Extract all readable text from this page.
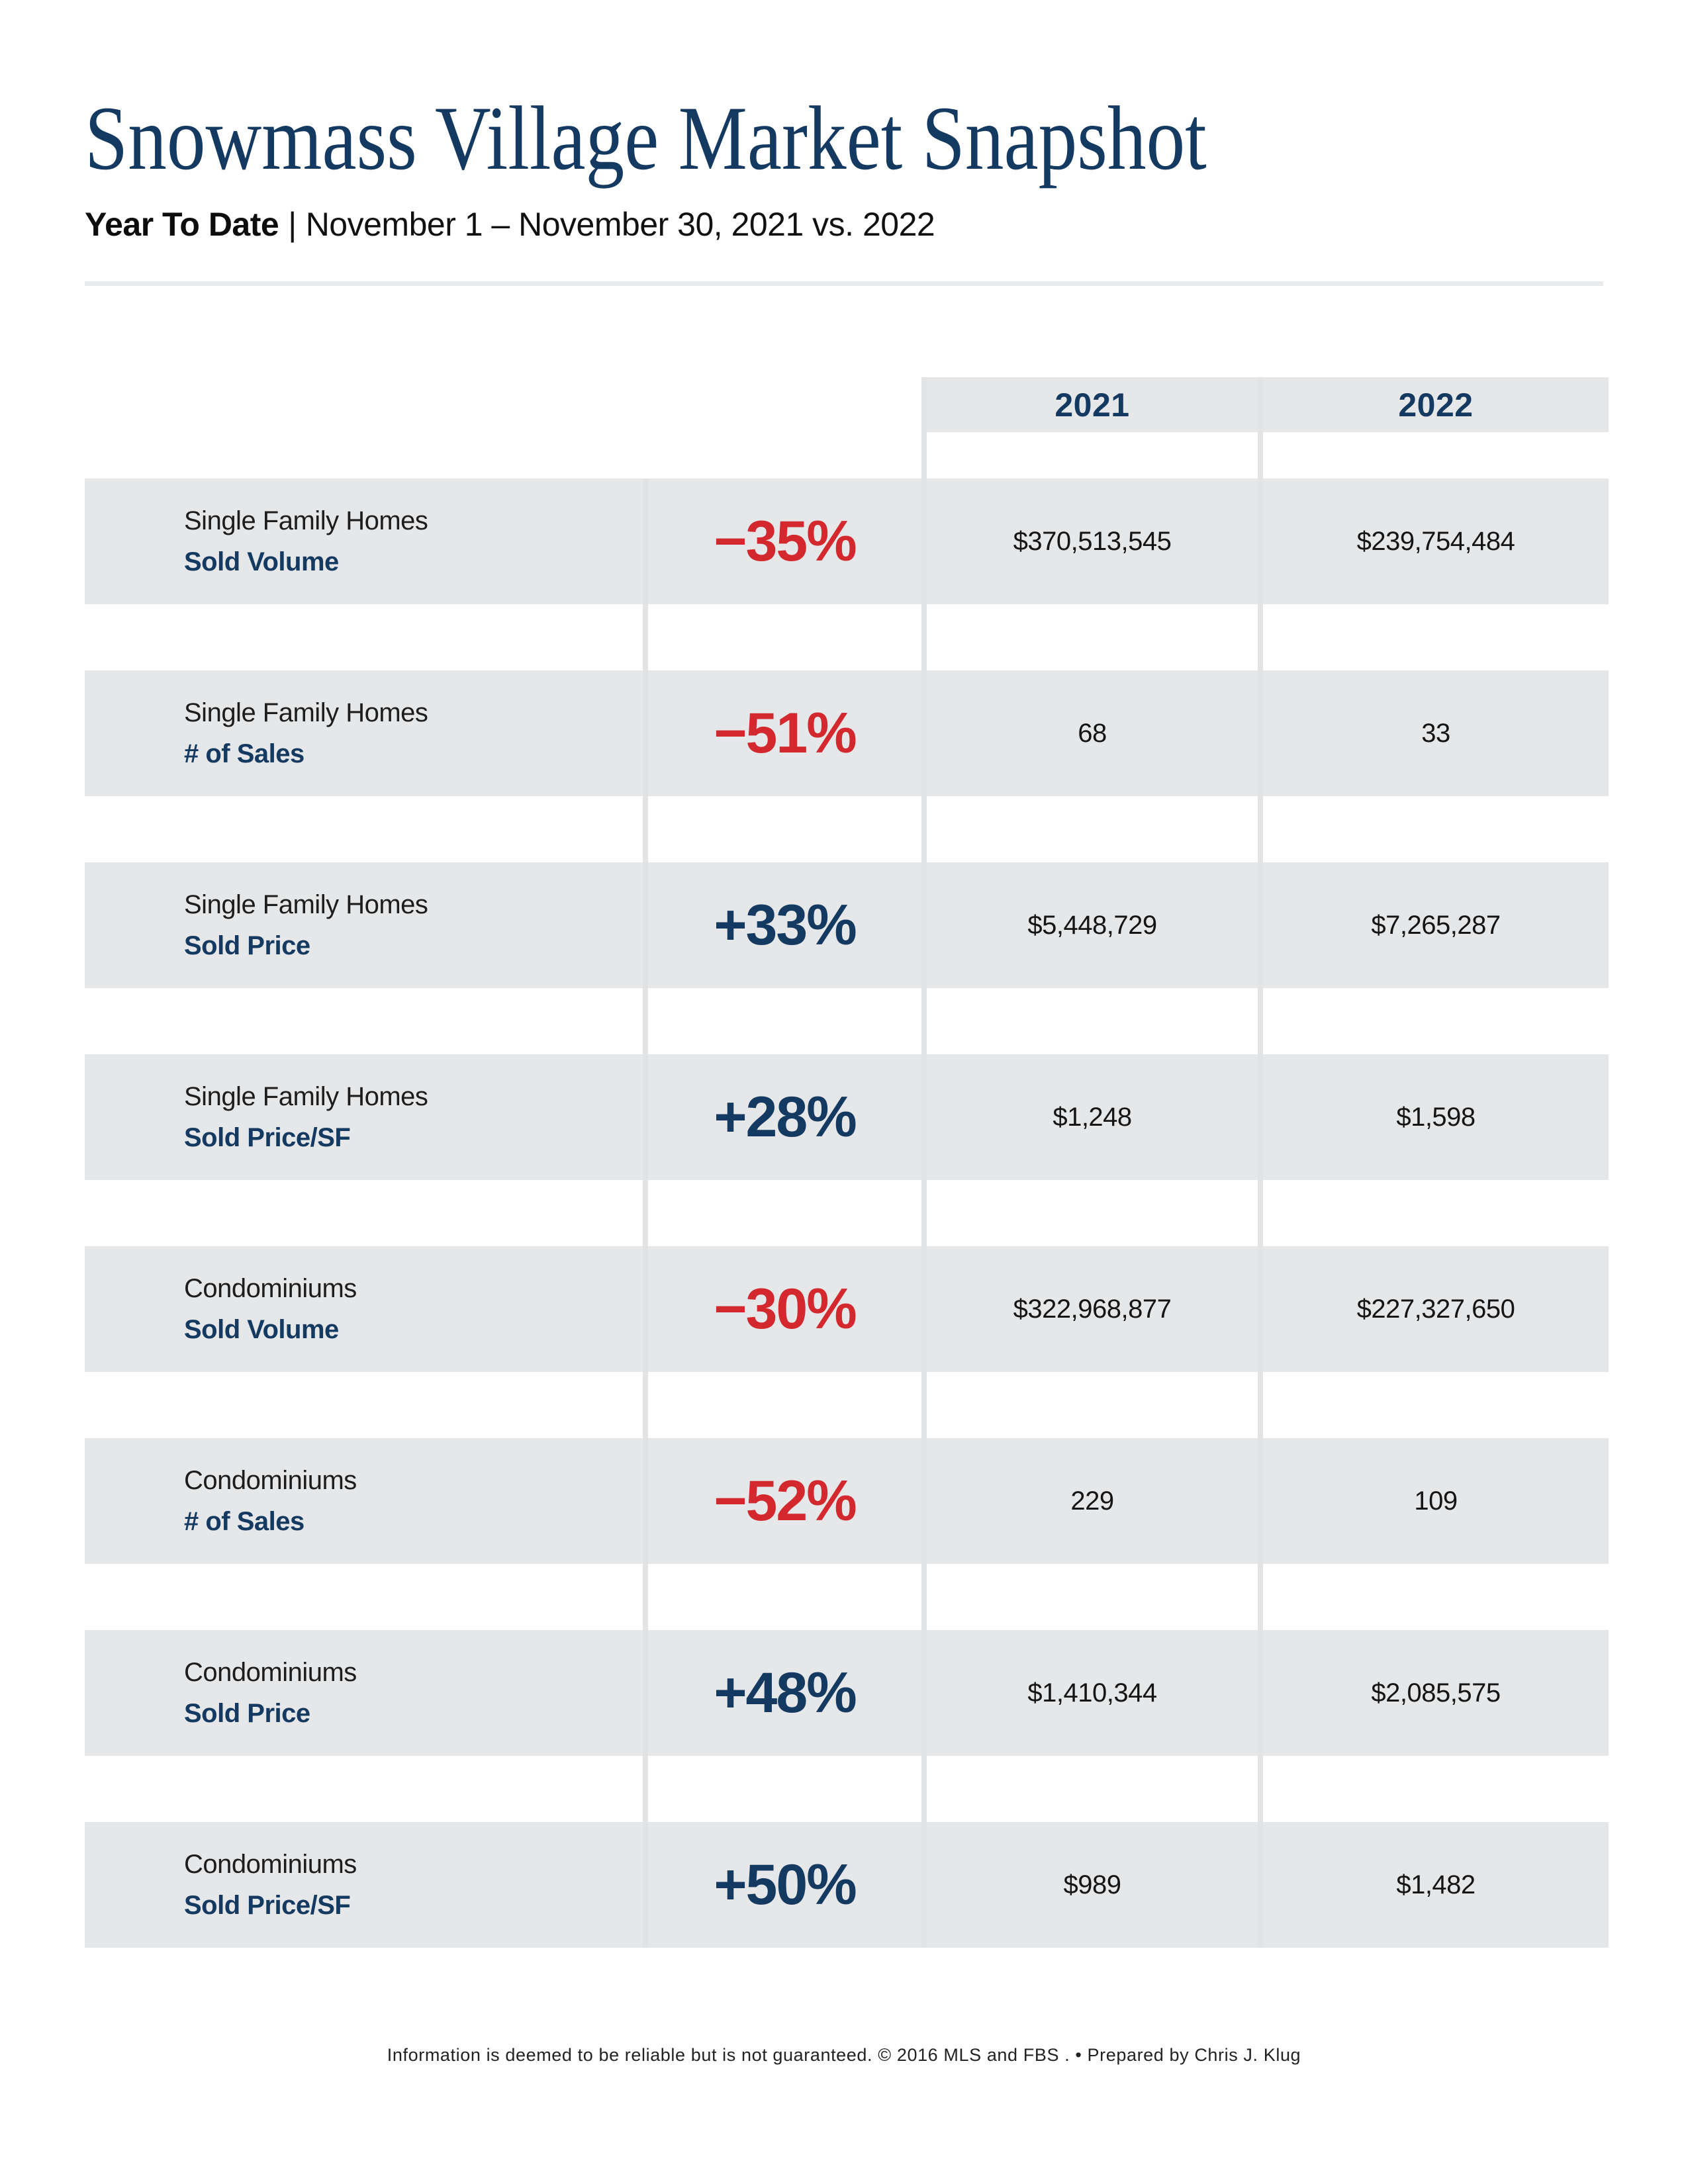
Snowmass Village Market Snapshot
Year To Date | November 1 – November 30, 2021 vs. 2022
2021	2022
Single Family Homes
Sold Volume	−35%	$370,513,545	$239,754,484
Single Family Homes
# of Sales	−51%	68	33
Single Family Homes
Sold Price	+33%	$5,448,729	$7,265,287
Single Family Homes
Sold Price/SF	+28%	$1,248	$1,598
Condominiums
Sold Volume	−30%	$322,968,877	$227,327,650
Condominiums
# of Sales	−52%	229	109
Condominiums
Sold Price	+48%	$1,410,344	$2,085,575
Condominiums
Sold Price/SF	+50%	$989	$1,482
Information is deemed to be reliable but is not guaranteed. © 2016 MLS and FBS . • Prepared by Chris J. Klug
